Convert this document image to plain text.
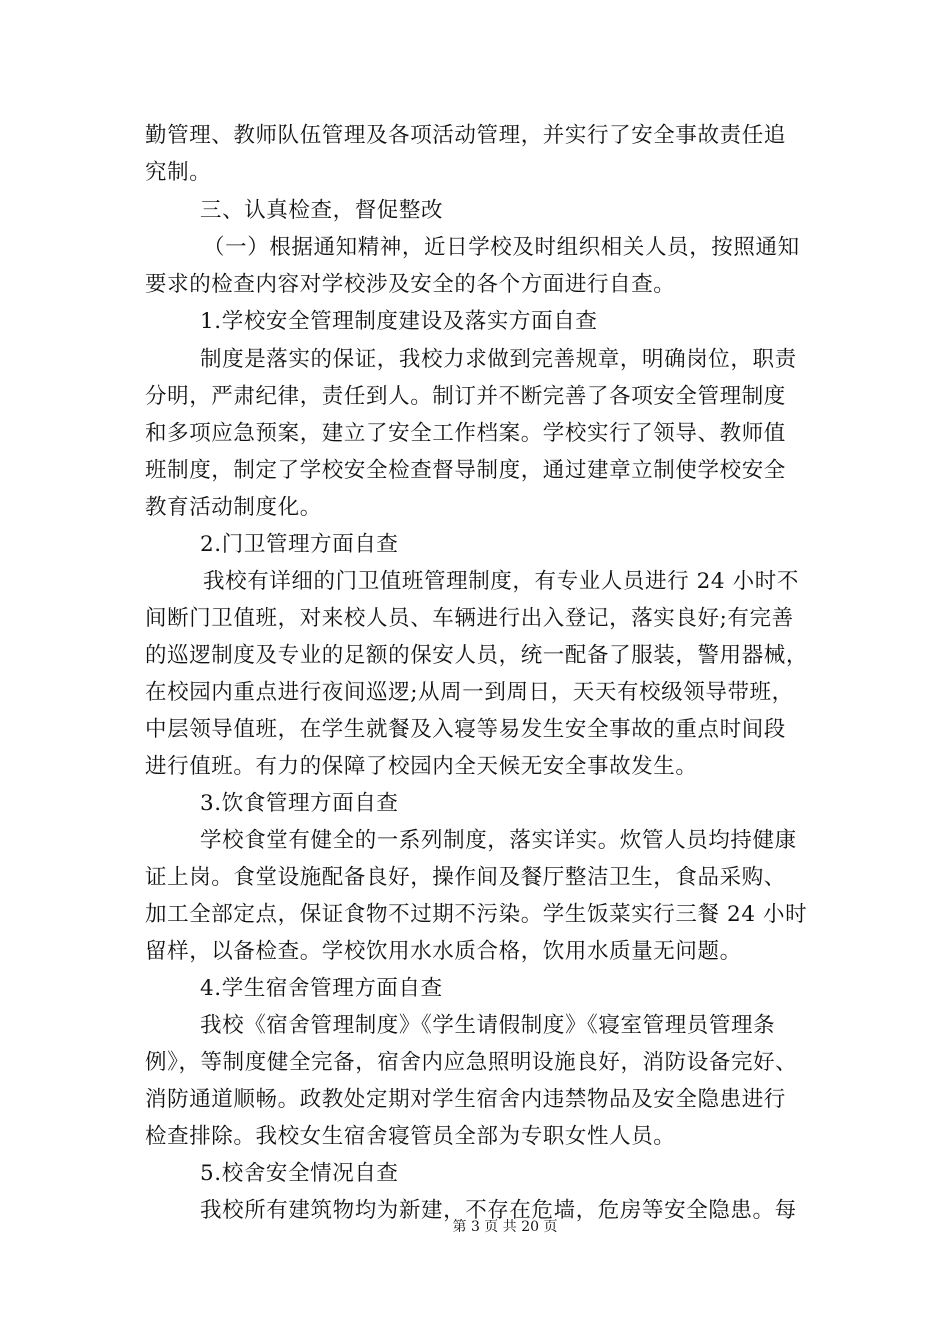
勤管理、教师队伍管理及各项活动管理，并实行了安全事故责任追
究制。
三、认真检查，督促整改
（一）根据通知精神，近日学校及时组织相关人员，按照通知
要求的检查内容对学校涉及安全的各个方面进行自查。
1.学校安全管理制度建设及落实方面自查
制度是落实的保证，我校力求做到完善规章，明确岗位，职责
分明，严肃纪律，责任到人。制订并不断完善了各项安全管理制度
和多项应急预案，建立了安全工作档案。学校实行了领导、教师值
班制度，制定了学校安全检查督导制度，通过建章立制使学校安全
教育活动制度化。
2.门卫管理方面自查
我校有详细的门卫值班管理制度，有专业人员进行 24 小时不
间断门卫值班，对来校人员、车辆进行出入登记，落实良好;有完善
的巡逻制度及专业的足额的保安人员，统一配备了服装，警用器械，
在校园内重点进行夜间巡逻;从周一到周日，天天有校级领导带班，
中层领导值班，在学生就餐及入寝等易发生安全事故的重点时间段
进行值班。有力的保障了校园内全天候无安全事故发生。
3.饮食管理方面自查
学校食堂有健全的一系列制度，落实详实。炊管人员均持健康
证上岗。食堂设施配备良好，操作间及餐厅整洁卫生，食品采购、
加工全部定点，保证食物不过期不污染。学生饭菜实行三餐 24 小时
留样，以备检查。学校饮用水水质合格，饮用水质量无问题。
4.学生宿舍管理方面自查
我校《宿舍管理制度》《学生请假制度》《寝室管理员管理条
例》，等制度健全完备，宿舍内应急照明设施良好，消防设备完好、
消防通道顺畅。政教处定期对学生宿舍内违禁物品及安全隐患进行
检查排除。我校女生宿舍寝管员全部为专职女性人员。
5.校舍安全情况自查
我校所有建筑物均为新建，不存在危墙，危房等安全隐患。每
第 3 页 共 20 页
